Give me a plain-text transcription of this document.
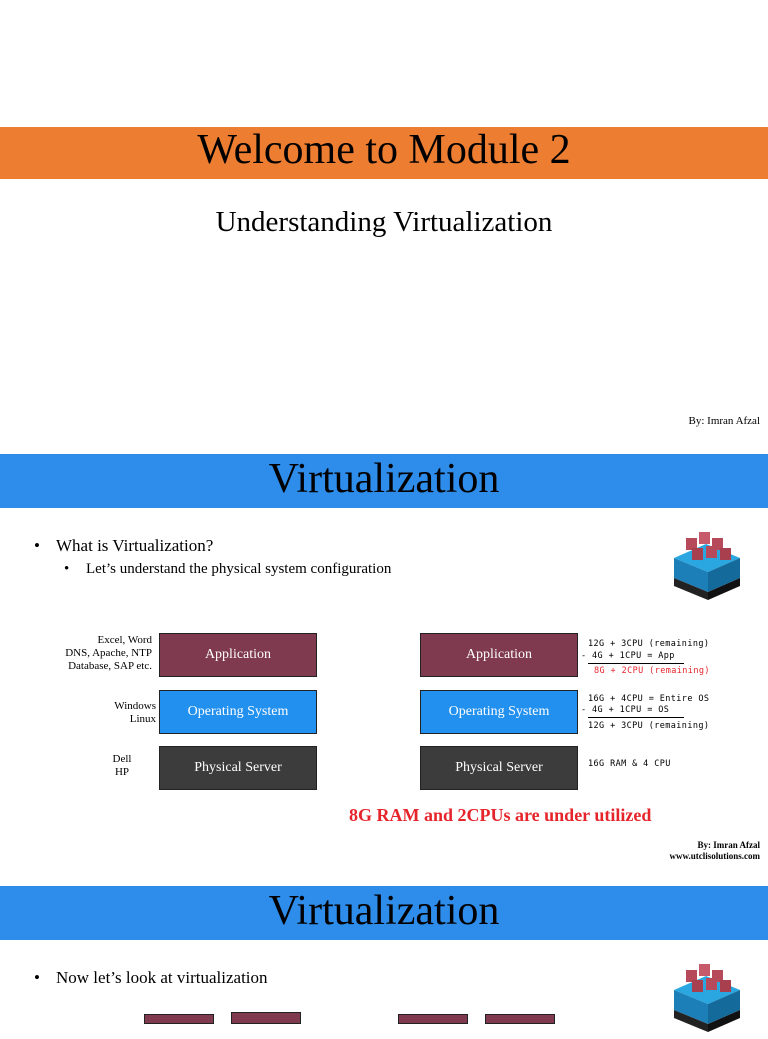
Welcome to Module 2
Understanding Virtualization
By: Imran Afzal
Virtualization
• What is Virtualization?
• Let’s understand the physical system configuration
Excel, Word
DNS, Apache, NTP
Database, SAP etc.
Windows
Linux
Dell
HP
Application
Operating System
Physical Server
Application
Operating System
Physical Server
12G + 3CPU (remaining)
- 4G + 1CPU = App
8G + 2CPU (remaining)
16G + 4CPU = Entire OS
- 4G + 1CPU = OS
12G + 3CPU (remaining)
16G RAM & 4 CPU
8G RAM and 2CPUs are under utilized
By: Imran Afzal
www.utclisolutions.com
Virtualization
• Now let’s look at virtualization
